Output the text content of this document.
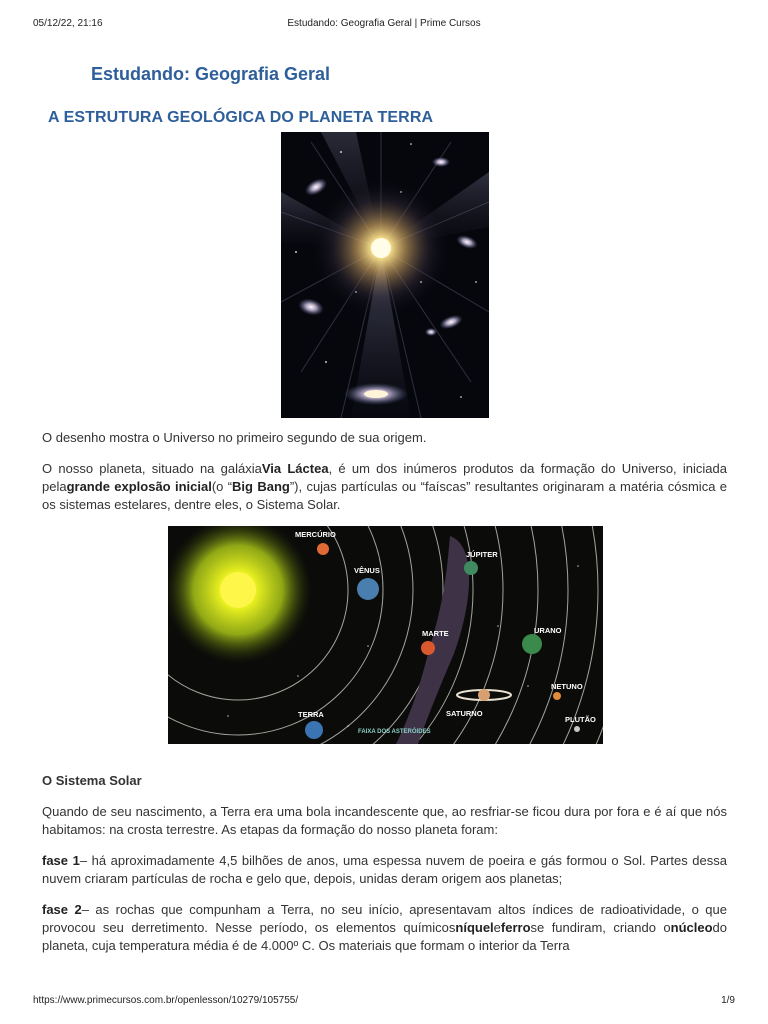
05/12/22, 21:16	Estudando: Geografia Geral | Prime Cursos
Estudando: Geografia Geral
A ESTRUTURA GEOLÓGICA DO PLANETA TERRA

O desenho mostra o Universo no primeiro segundo de sua origem.

O nosso planeta, situado na galáxiaVia Láctea, é um dos inúmeros produtos da formação do Universo, iniciada pelagrande explosão inicial(o “Big Bang”), cujas partículas ou “faíscas” resultantes originaram a matéria cósmica e os sistemas estelares, dentre eles, o Sistema Solar.

MERCÚRIO
VÊNUS
JÚPITER
MARTE	URANO
NETUNO
TERRA	SATURNO
PLUTÃO
FAIXA DOS ASTERÓIDES

O Sistema Solar

Quando de seu nascimento, a Terra era uma bola incandescente que, ao resfriar-se ficou dura por fora e é aí que nós habitamos: na crosta terrestre. As etapas da formação do nosso planeta foram:

fase 1– há aproximadamente 4,5 bilhões de anos, uma espessa nuvem de poeira e gás formou o Sol. Partes dessa nuvem criaram partículas de rocha e gelo que, depois, unidas deram origem aos planetas;

fase 2– as rochas que compunham a Terra, no seu início, apresentavam altos índices de radioatividade, o que provocou seu derretimento. Nesse período, os elementos químicosníqueleferrose fundiram, criando onúcleodo planeta, cuja temperatura média é de 4.000º C. Os materiais que formam o interior da Terra

https://www.primecursos.com.br/openlesson/10279/105755/	1/9
